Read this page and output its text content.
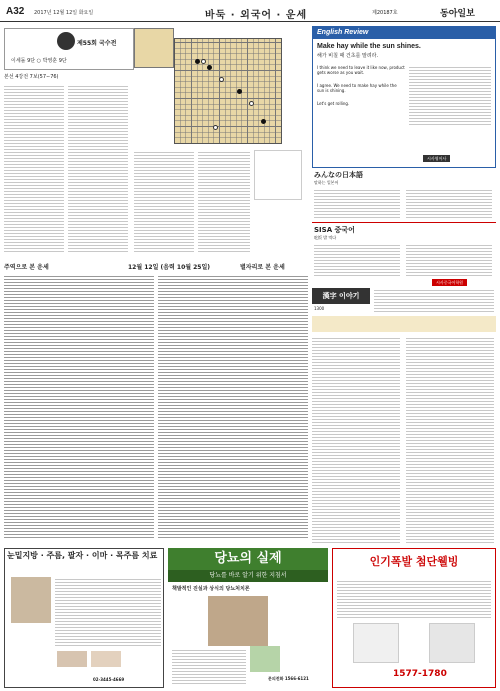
A32 2017년 12월 12일 화요일	바둑 · 외국어 · 운세	제20187호	동아일보
제55회 국수전
이세돌 9단 ○ 박영훈 9단
본선 4강전 7보(57∼76)
English Review
Make hay while the sun shines.
해가 비칠 때 건초를 말려라.
I think we need to leave it like now, product gets worse as you wait.
I agree. We need to make hay while the sun is shining.
Let's get rolling.
시사영어사
みんなの日本語
말하는 일본어
SISA 중국어
吃饭 밥 먹다
시사중국어학원
주역으로 본 운세	12월 12일 (음력 10월 25일)	별자리로 본 운세
漢字 이야기
1300
눈밑지방 · 주름, 팔자 · 이마 · 목주름 치료
02-3445-4669
당뇨의 실제
당뇨를 바로 알기 위한 지침서
책발적인 진실과 상식의 당뇨처치론
문의전화 1566-6121
인기폭발 첨단웰빙
1577-1780
